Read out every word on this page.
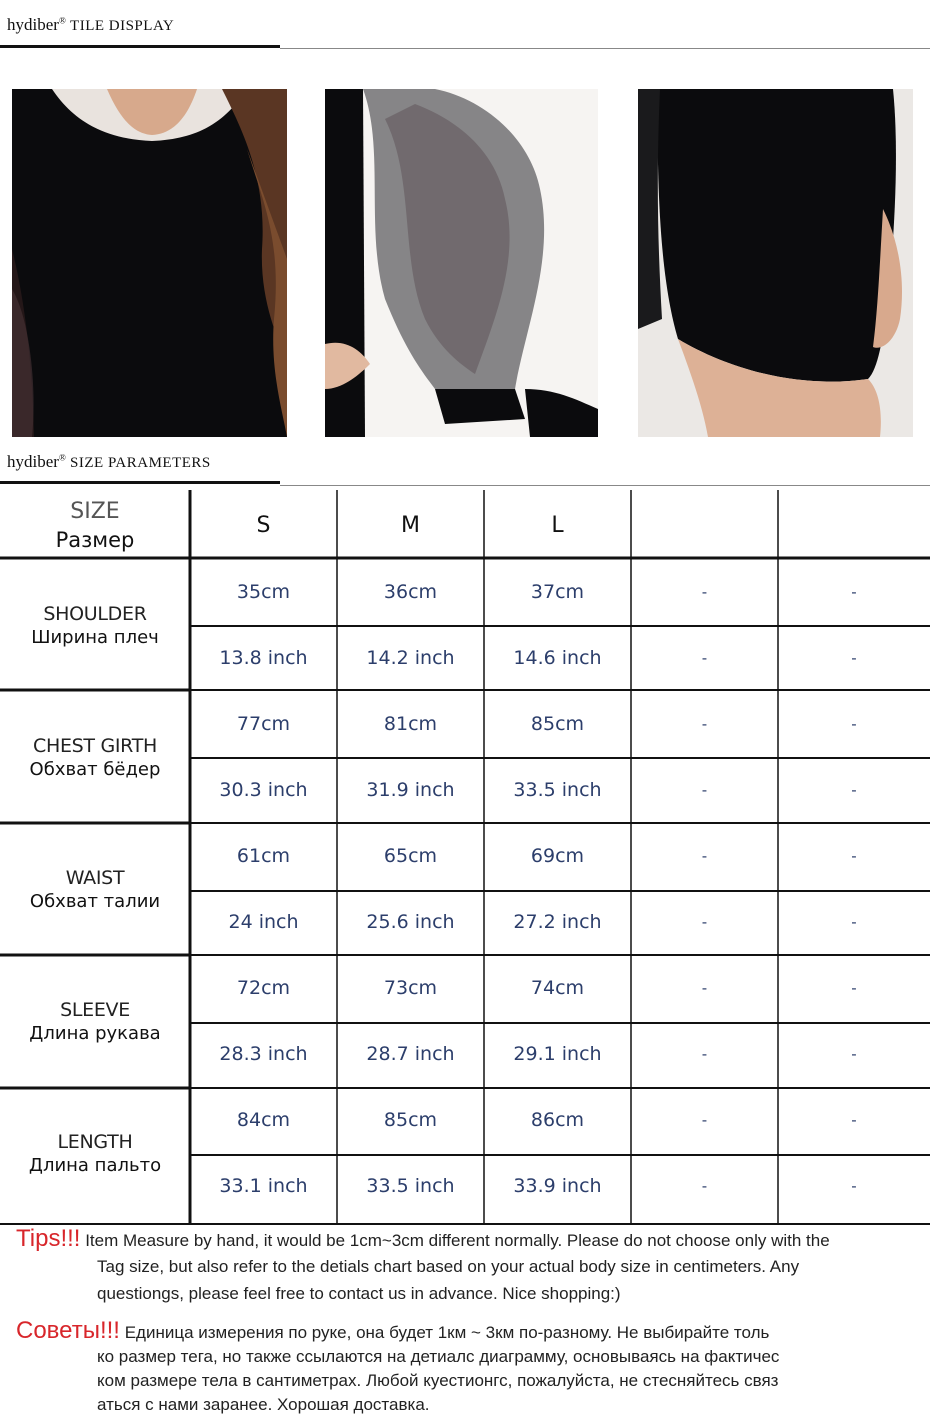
hydiber® TILE DISPLAY
hydiber® SIZE PARAMETERS
SIZE
Размер	S	M	L		

SHOULDER
Ширина плеч	35cm	36cm	37cm	-	-
	13.8 inch	14.2 inch	14.6 inch	-	-

CHEST GIRTH
Обхват бёдер	77cm	81cm	85cm	-	-
	30.3 inch	31.9 inch	33.5 inch	-	-

WAIST
Обхват талии	61cm	65cm	69cm	-	-
	24 inch	25.6 inch	27.2 inch	-	-

SLEEVE
Длина рукава	72cm	73cm	74cm	-	-
	28.3 inch	28.7 inch	29.1 inch	-	-

LENGTH
Длина пальто	84cm	85cm	86cm	-	-
	33.1 inch	33.5 inch	33.9 inch	-	-

Tips!!! Item Measure by hand, it would be 1cm~3cm different normally. Please do not choose only with the

Tag size, but also refer to the detials chart based on your actual body size in centimeters. Any

questiongs, please feel free to contact us in advance. Nice shopping:)

Советы!!! Единица измерения по руке, она будет 1км ~ 3км по-разному. Не выбирайте толь

ко размер тега, но также ссылаются на детиалс диаграмму, основываясь на фактичес

ком размере тела в сантиметрах. Любой куестионгс, пожалуйста, не стесняйтесь связ

аться с нами заранее. Хорошая доставка.
